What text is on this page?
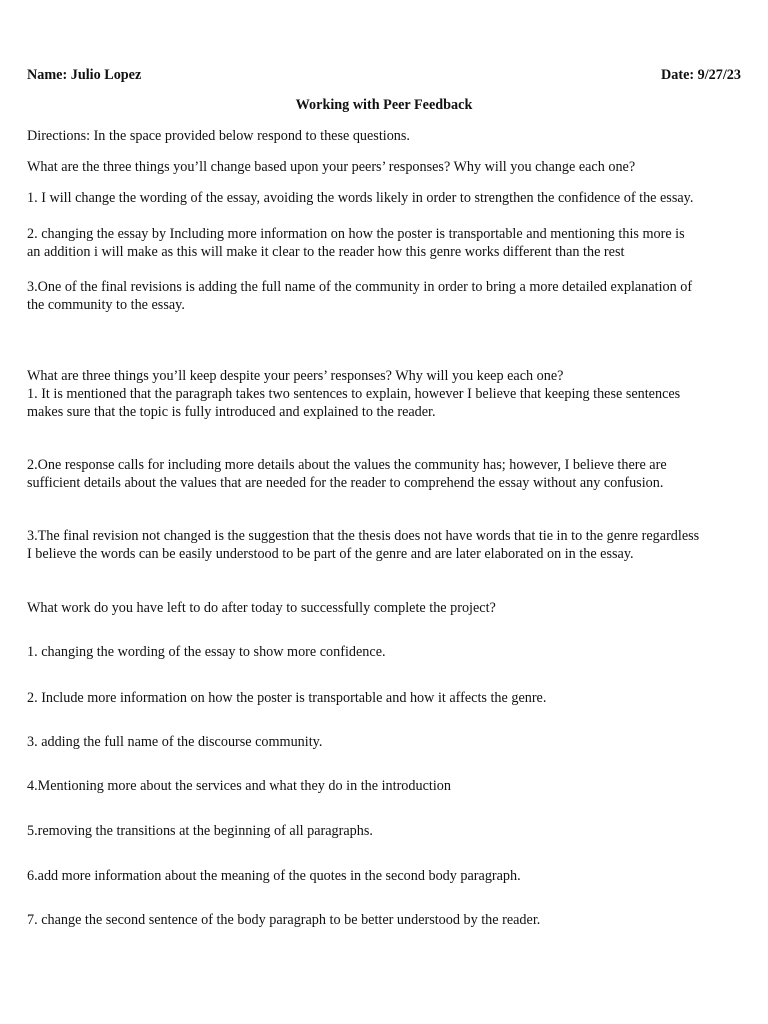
Name: Julio Lopez	Date: 9/27/23
Working with Peer Feedback
Directions: In the space provided below respond to these questions.
What are the three things you’ll change based upon your peers’ responses? Why will you change each one?
1. I will change the wording of the essay, avoiding the words likely in order to strengthen the confidence of the essay.
2. changing the essay by Including more information on how the poster is transportable and mentioning this more is
an addition i will make as this will make it clear to the reader how this genre works different than the rest
3.One of the final revisions is adding the full name of the community in order to bring a more detailed explanation of
the community to the essay.
What are three things you’ll keep despite your peers’ responses? Why will you keep each one?
1. It is mentioned that the paragraph takes two sentences to explain, however I believe that keeping these sentences
makes sure that the topic is fully introduced and explained to the reader.
2.One response calls for including more details about the values the community has; however, I believe there are
sufficient details about the values that are needed for the reader to comprehend the essay without any confusion.
3.The final revision not changed is the suggestion that the thesis does not have words that tie in to the genre regardless
I believe the words can be easily understood to be part of the genre and are later elaborated on in the essay.
What work do you have left to do after today to successfully complete the project?
1. changing the wording of the essay to show more confidence.
2. Include more information on how the poster is transportable and how it affects the genre.
3. adding the full name of the discourse community.
4.Mentioning more about the services and what they do in the introduction
5.removing the transitions at the beginning of all paragraphs.
6.add more information about the meaning of the quotes in the second body paragraph.
7. change the second sentence of the body paragraph to be better understood by the reader.
